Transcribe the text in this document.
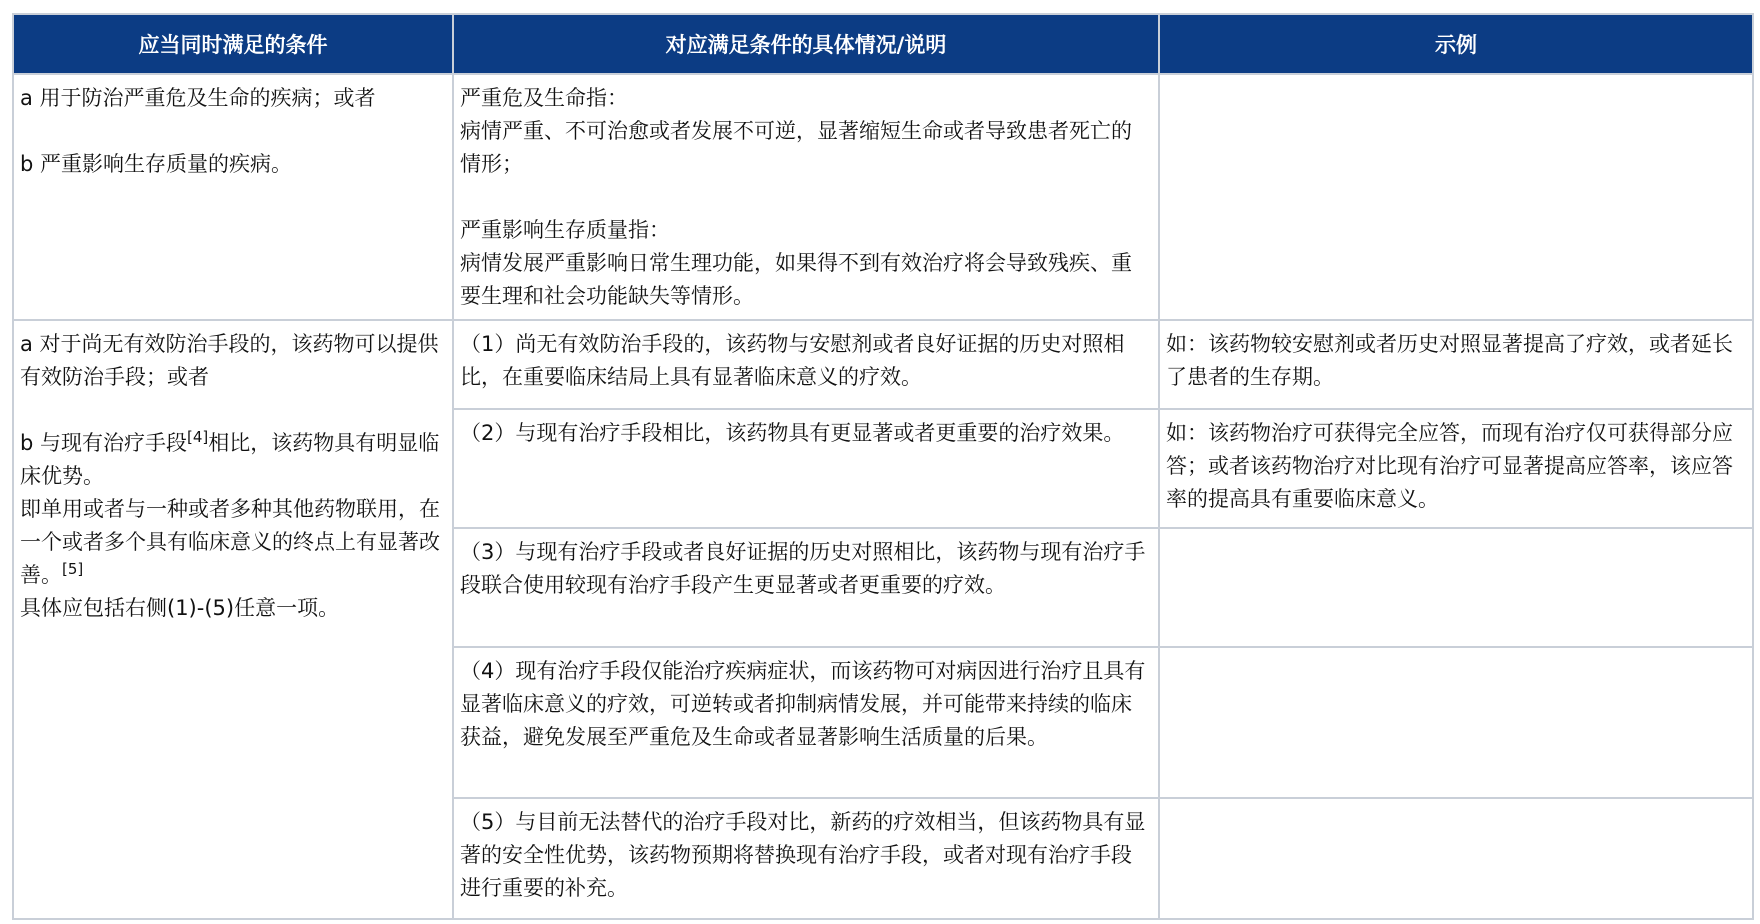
应当同时满足的条件	对应满足条件的具体情况/说明	示例

a 用于防治严重危及生命的疾病；或者
b 严重影响生存质量的疾病。	严重危及生命指：
病情严重、不可治愈或者发展不可逆，显著缩短生命或者导致患者死亡的情形；
严重影响生存质量指：
病情发展严重影响日常生理功能，如果得不到有效治疗将会导致残疾、重要生理和社会功能缺失等情形。	

a 对于尚无有效防治手段的，该药物可以提供有效防治手段；或者
b 与现有治疗手段[4]相比，该药物具有明显临床优势。
即单用或者与一种或者多种其他药物联用，在一个或者多个具有临床意义的终点上有显著改善。[5]
具体应包括右侧(1)-(5)任意一项。	（1）尚无有效防治手段的，该药物与安慰剂或者良好证据的历史对照相比，在重要临床结局上具有显著临床意义的疗效。	如：该药物较安慰剂或者历史对照显著提高了疗效，或者延长了患者的生存期。
	（2）与现有治疗手段相比，该药物具有更显著或者更重要的治疗效果。	如：该药物治疗可获得完全应答，而现有治疗仅可获得部分应答；或者该药物治疗对比现有治疗可显著提高应答率，该应答率的提高具有重要临床意义。
	（3）与现有治疗手段或者良好证据的历史对照相比，该药物与现有治疗手段联合使用较现有治疗手段产生更显著或者更重要的疗效。	
	（4）现有治疗手段仅能治疗疾病症状，而该药物可对病因进行治疗且具有显著临床意义的疗效，可逆转或者抑制病情发展，并可能带来持续的临床获益，避免发展至严重危及生命或者显著影响生活质量的后果。	
	（5）与目前无法替代的治疗手段对比，新药的疗效相当，但该药物具有显著的安全性优势，该药物预期将替换现有治疗手段，或者对现有治疗手段进行重要的补充。	
